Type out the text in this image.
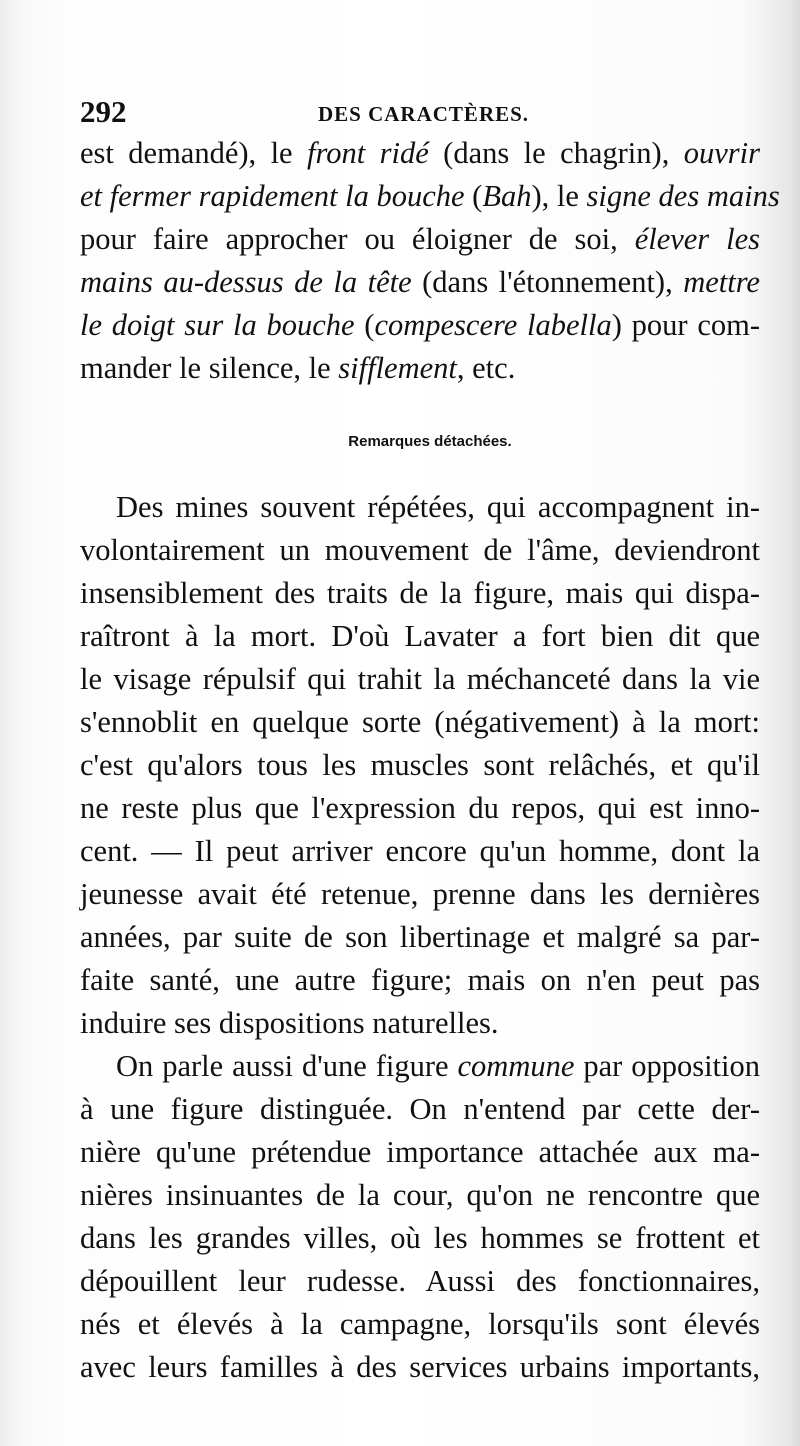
292	DES CARACTÈRES.
est demandé), le front ridé (dans le chagrin), ouvrir
et fermer rapidement la bouche (Bah), le signe des mains
pour faire approcher ou éloigner de soi, élever les
mains au-dessus de la tête (dans l'étonnement), mettre
le doigt sur la bouche (compescere labella) pour com-
mander le silence, le sifflement, etc.
Remarques détachées.
Des mines souvent répétées, qui accompagnent in-
volontairement un mouvement de l'âme, deviendront
insensiblement des traits de la figure, mais qui dispa-
raîtront à la mort. D'où Lavater a fort bien dit que
le visage répulsif qui trahit la méchanceté dans la vie
s'ennoblit en quelque sorte (négativement) à la mort:
c'est qu'alors tous les muscles sont relâchés, et qu'il
ne reste plus que l'expression du repos, qui est inno-
cent. — Il peut arriver encore qu'un homme, dont la
jeunesse avait été retenue, prenne dans les dernières
années, par suite de son libertinage et malgré sa par-
faite santé, une autre figure; mais on n'en peut pas
induire ses dispositions naturelles.
On parle aussi d'une figure commune par opposition
à une figure distinguée. On n'entend par cette der-
nière qu'une prétendue importance attachée aux ma-
nières insinuantes de la cour, qu'on ne rencontre que
dans les grandes villes, où les hommes se frottent et
dépouillent leur rudesse. Aussi des fonctionnaires,
nés et élevés à la campagne, lorsqu'ils sont élevés
avec leurs familles à des services urbains importants,
